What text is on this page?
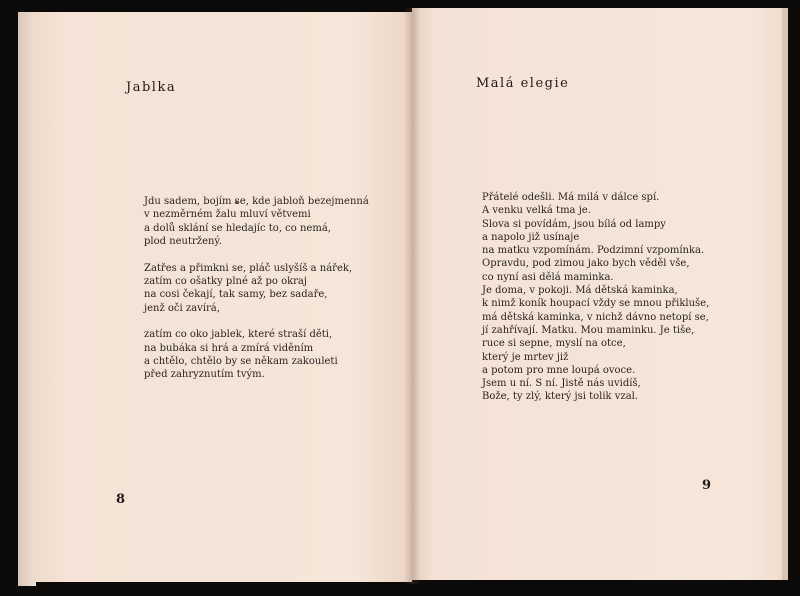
Jablka
Jdu sadem, bojím se, kde jabloň bezejmenná
v nezměrném žalu mluví větvemi
a dolů sklání se hledajíc to, co nemá,
plod neutržený.
Zatřes a přimkni se, pláč uslyšíš a nářek,
zatím co ošatky plné až po okraj
na cosi čekají, tak samy, bez sadaře,
jenž oči zavírá,
zatím co oko jablek, které straší děti,
na bubáka si hrá a zmírá viděním
a chtělo, chtělo by se někam zakouleti
před zahryznutím tvým.
8
Malá elegie
Přátelé odešli. Má milá v dálce spí.
A venku velká tma je.
Slova si povídám, jsou bílá od lampy
a napolo již usínaje
na matku vzpomínám. Podzimní vzpomínka.
Opravdu, pod zimou jako bych věděl vše,
co nyní asi dělá maminka.
Je doma, v pokoji. Má dětská kaminka,
k nimž koník houpací vždy se mnou přikluše,
má dětská kaminka, v nichž dávno netopí se,
jí zahřívají. Matku. Mou maminku. Je tiše,
ruce si sepne, myslí na otce,
který je mrtev již
a potom pro mne loupá ovoce.
Jsem u ní. S ní. Jistě nás uvidíš,
Bože, ty zlý, který jsi tolik vzal.
9
